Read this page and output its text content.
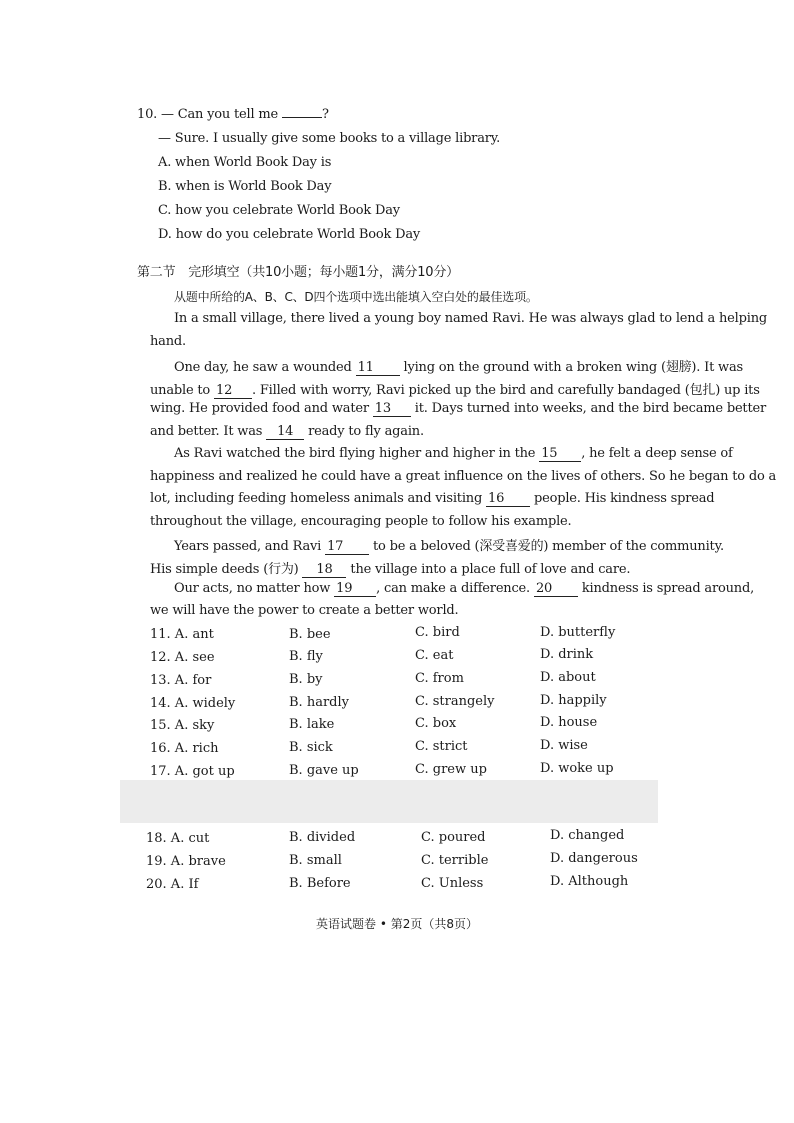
10. — Can you tell me	?
— Sure. I usually give some books to a village library.
A. when World Book Day is
B. when is World Book Day
C. how you celebrate World Book Day
D. how do you celebrate World Book Day
第二节　完形填空（共10小题；每小题1分，满分10分）
从题中所给的A、B、C、D四个选项中选出能填入空白处的最佳选项。
In a small village, there lived a young boy named Ravi. He was always glad to lend a helping
hand.
One day, he saw a wounded 11 lying on the ground with a broken wing (翅膀). It was
unable to 12 . Filled with worry, Ravi picked up the bird and carefully bandaged (包扎) up its
wing. He provided food and water 13 it. Days turned into weeks, and the bird became better
and better. It was 14 ready to fly again.
As Ravi watched the bird flying higher and higher in the 15 , he felt a deep sense of
happiness and realized he could have a great influence on the lives of others. So he began to do a
lot, including feeding homeless animals and visiting 16 people. His kindness spread
throughout the village, encouraging people to follow his example.
Years passed, and Ravi 17 to be a beloved (深受喜爱的) member of the community.
His simple deeds (行为) 18 the village into a place full of love and care.
Our acts, no matter how 19 , can make a difference. 20 kindness is spread around,
we will have the power to create a better world.
11. A. ant	B. bee	C. bird	D. butterfly
12. A. see	B. fly	C. eat	D. drink
13. A. for	B. by	C. from	D. about
14. A. widely	B. hardly	C. strangely	D. happily
15. A. sky	B. lake	C. box	D. house
16. A. rich	B. sick	C. strict	D. wise
17. A. got up	B. gave up	C. grew up	D. woke up
18. A. cut	B. divided	C. poured	D. changed
19. A. brave	B. small	C. terrible	D. dangerous
20. A. If	B. Before	C. Unless	D. Although
英语试题卷 • 第2页（共8页）
